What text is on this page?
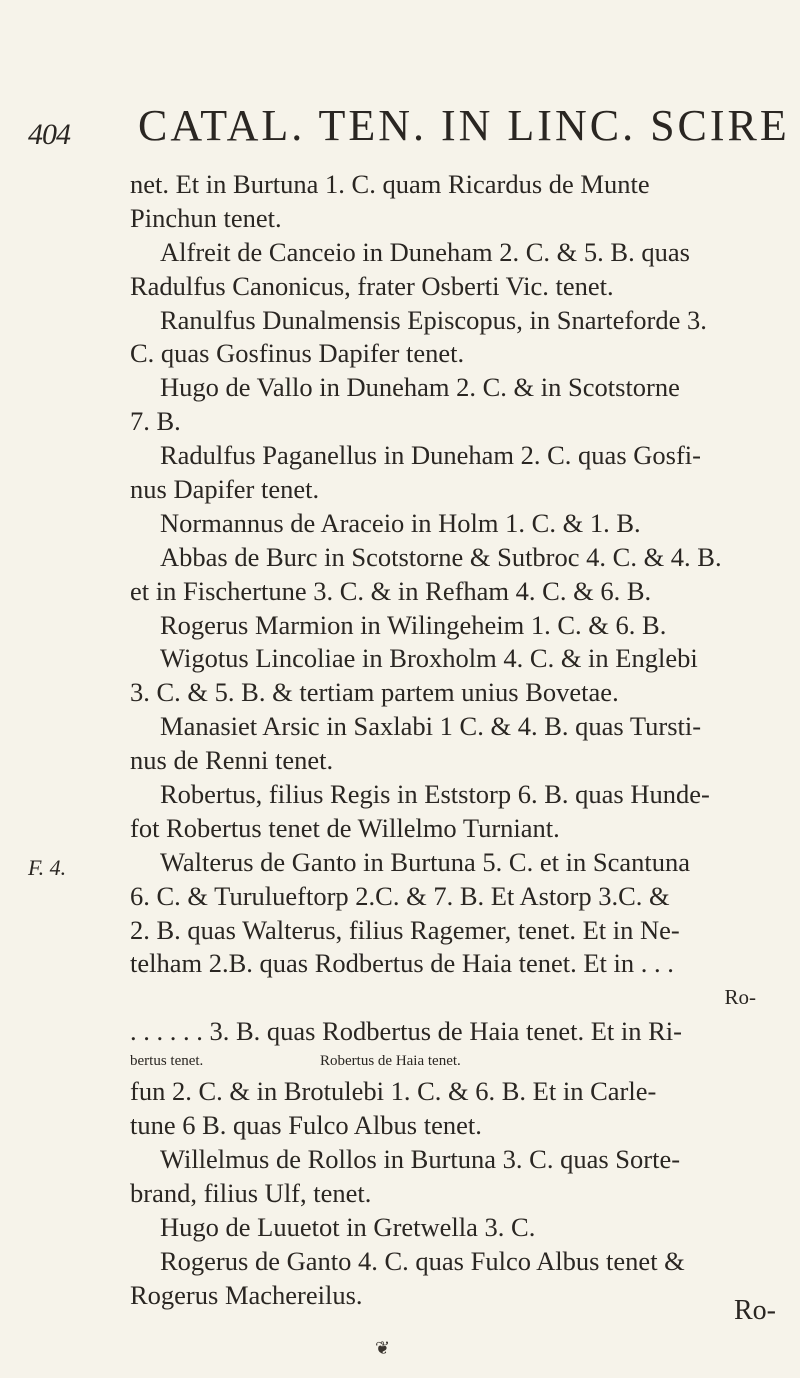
404 CATAL. TEN. IN LINC. SCIRE
F. 4.
net. Et in Burtuna 1. C. quam Ricardus de Munte
Pinchun tenet.
Alfreit de Canceio in Duneham 2. C. & 5. B. quas
Radulfus Canonicus, frater Osberti Vic. tenet.
Ranulfus Dunalmensis Episcopus, in Snarteforde 3.
C. quas Gosfinus Dapifer tenet.
Hugo de Vallo in Duneham 2. C. & in Scotstorne
7. B.
Radulfus Paganellus in Duneham 2. C. quas Gosfi-
nus Dapifer tenet.
Normannus de Araceio in Holm 1. C. & 1. B.
Abbas de Burc in Scotstorne & Sutbroc 4. C. & 4. B.
et in Fischertune 3. C. & in Refham 4. C. & 6. B.
Rogerus Marmion in Wilingeheim 1. C. & 6. B.
Wigotus Lincoliae in Broxholm 4. C. & in Englebi
3. C. & 5. B. & tertiam partem unius Bovetae.
Manasiet Arsic in Saxlabi 1 C. & 4. B. quas Tursti-
nus de Renni tenet.
Robertus, filius Regis in Eststorp 6. B. quas Hunde-
fot Robertus tenet de Willelmo Turniant.
Walterus de Ganto in Burtuna 5. C. et in Scantuna
6. C. & Turulueftorp 2.C. & 7. B. Et Astorp 3.C. &
2. B. quas Walterus, filius Ragemer, tenet. Et in Ne-
telham 2.B. quas Rodbertus de Haia tenet. Et in . . .
Ro-
. . . . . . 3. B. quas Rodbertus de Haia tenet. Et in Ri-
bertus tenet.	Robertus de Haia tenet.
fun 2. C. & in Brotulebi 1. C. & 6. B. Et in Carle-
tune 6 B. quas Fulco Albus tenet.
Willelmus de Rollos in Burtuna 3. C. quas Sorte-
brand, filius Ulf, tenet.
Hugo de Luuetot in Gretwella 3. C.
Rogerus de Ganto 4. C. quas Fulco Albus tenet &
Rogerus Machereilus.
Ro-
❦
